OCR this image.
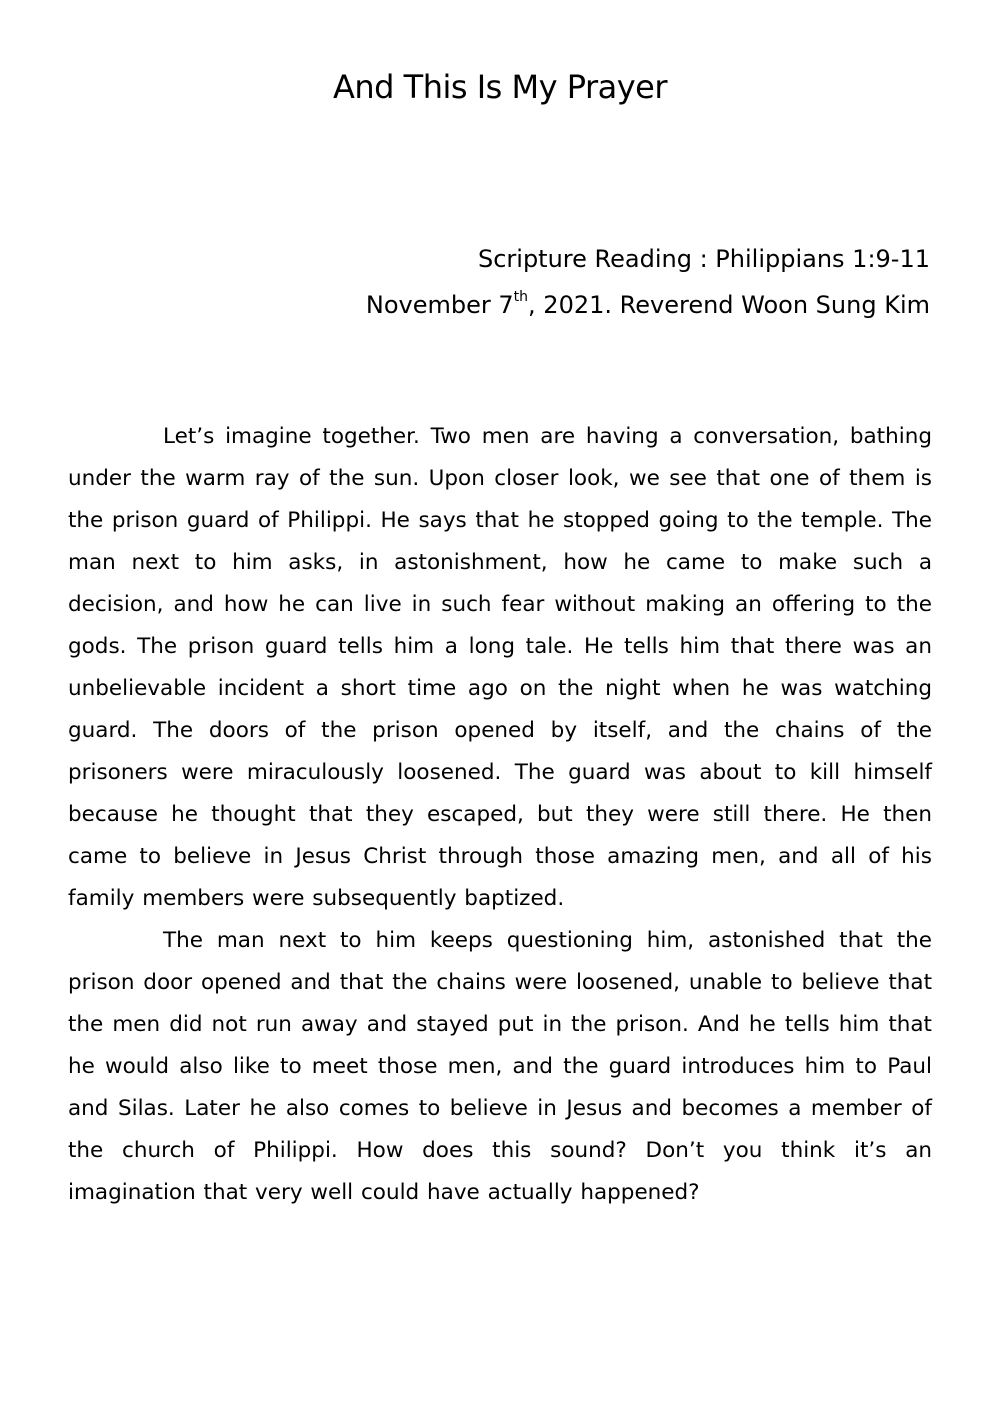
And This Is My Prayer
Scripture Reading : Philippians 1:9-11
November 7th, 2021. Reverend Woon Sung Kim

Let’s imagine together. Two men are having a conversation, bathing under the warm ray of the sun. Upon closer look, we see that one of them is the prison guard of Philippi. He says that he stopped going to the temple. The man next to him asks, in astonishment, how he came to make such a decision, and how he can live in such fear without making an offering to the gods. The prison guard tells him a long tale. He tells him that there was an unbelievable incident a short time ago on the night when he was watching guard. The doors of the prison opened by itself, and the chains of the prisoners were miraculously loosened. The guard was about to kill himself because he thought that they escaped, but they were still there. He then came to believe in Jesus Christ through those amazing men, and all of his family members were subsequently baptized.

The man next to him keeps questioning him, astonished that the prison door opened and that the chains were loosened, unable to believe that the men did not run away and stayed put in the prison. And he tells him that he would also like to meet those men, and the guard introduces him to Paul and Silas. Later he also comes to believe in Jesus and becomes a member of the church of Philippi. How does this sound? Don’t you think it’s an imagination that very well could have actually happened?
